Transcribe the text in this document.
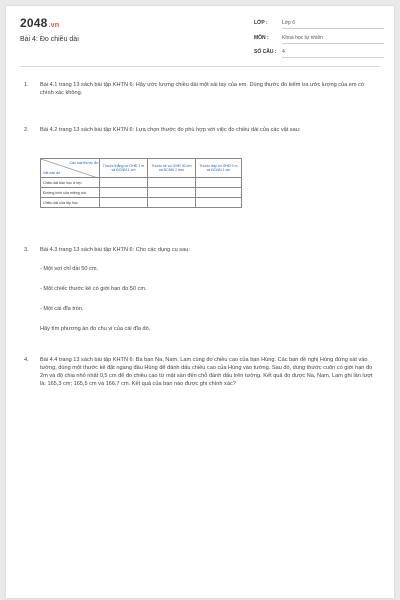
2048.vn
Bài 4: Đo chiều dài
LỚP :	Lớp 6
MÔN :	Khoa học tự nhiên
SỐ CÂU : 4
1. Bài 4.1 trang 13 sách bài tập KHTN 6: Hãy ước lượng chiều dài một sải tay của em. Dùng thước đo kiểm tra ước lượng của em có chính xác không.
2. Bài 4.2 trang 13 sách bài tập KHTN 6: Lựa chọn thước đo phù hợp với việc đo chiều dài của các vật sau:
Các loại thước đo
Vật cần đo	Thước thẳng có GHĐ 1 m và ĐCNN 1 cm	Thước kẻ có GHĐ 30 cm và ĐCNN 1 mm	Thước dây có GHĐ 3 m và ĐCNN 1 cm
Chiều dài bàn học ở lớp			
Đường kính của miệng cốc			
Chiều dài của lớp học			
3. Bài 4.3 trang 13 sách bài tập KHTN 6: Cho các dụng cụ sau:
- Một sợi chỉ dài 50 cm.
- Một chiếc thước kẻ có giới hạn đo 50 cm.
- Một cái đĩa tròn.
Hãy tìm phương án đo chu vi của cái đĩa đó.
4. Bài 4.4 trang 13 sách bài tập KHTN 6: Ba bạn Na, Nam, Lam cùng đo chiều cao của bạn Hùng. Các bạn đề nghị Hùng đứng sát vào tường, dùng một thước kẻ đặt ngang đầu Hùng để đánh dấu chiều cao của Hùng vào tường. Sau đó, dùng thước cuộn có giới hạn đo 2m và độ chia nhỏ nhất 0,5 cm để đo chiều cao từ mặt sàn đến chỗ đánh dấu trên tường. Kết quả đo được Na, Nam, Lam ghi lần lượt là: 165,3 cm; 165,5 cm và 166,7 cm. Kết quả của bạn nào được ghi chính xác?
